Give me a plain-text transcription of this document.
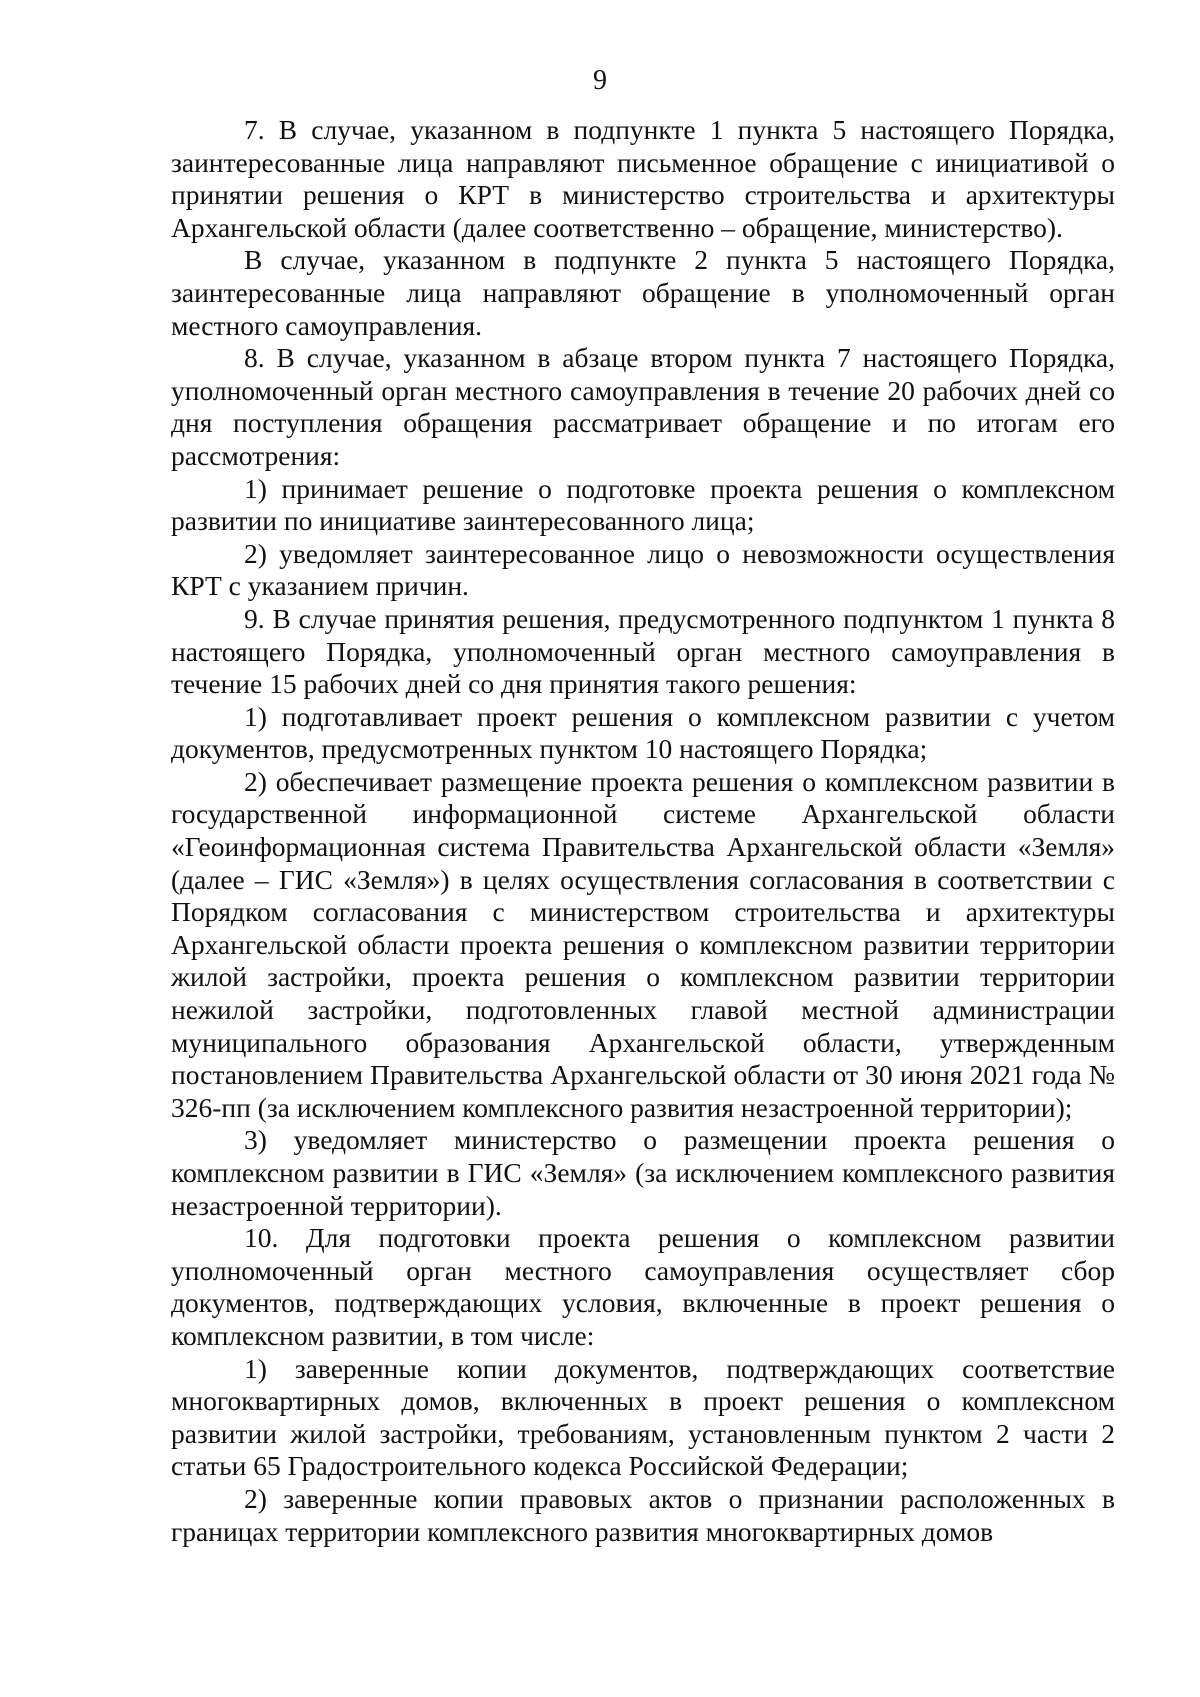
9

7. В случае, указанном в подпункте 1 пункта 5 настоящего Порядка, заинтересованные лица направляют письменное обращение с инициативой о принятии решения о КРТ в министерство строительства и архитектуры Архангельской области (далее соответственно – обращение, министерство).

В случае, указанном в подпункте 2 пункта 5 настоящего Порядка, заинтересованные лица направляют обращение в уполномоченный орган местного самоуправления.

8. В случае, указанном в абзаце втором пункта 7 настоящего Порядка, уполномоченный орган местного самоуправления в течение 20 рабочих дней со дня поступления обращения рассматривает обращение и по итогам его рассмотрения:

1) принимает решение о подготовке проекта решения о комплексном развитии по инициативе заинтересованного лица;

2) уведомляет заинтересованное лицо о невозможности осуществления КРТ с указанием причин.

9. В случае принятия решения, предусмотренного подпунктом 1 пункта 8 настоящего Порядка, уполномоченный орган местного самоуправления в течение 15 рабочих дней со дня принятия такого решения:

1) подготавливает проект решения о комплексном развитии с учетом документов, предусмотренных пунктом 10 настоящего Порядка;

2) обеспечивает размещение проекта решения о комплексном развитии в государственной информационной системе Архангельской области «Геоинформационная система Правительства Архангельской области «Земля» (далее – ГИС «Земля») в целях осуществления согласования в соответствии с Порядком согласования с министерством строительства и архитектуры Архангельской области проекта решения о комплексном развитии территории жилой застройки, проекта решения о комплексном развитии территории нежилой застройки, подготовленных главой местной администрации муниципального образования Архангельской области, утвержденным постановлением Правительства Архангельской области от 30 июня 2021 года № 326-пп (за исключением комплексного развития незастроенной территории);

3) уведомляет министерство о размещении проекта решения о комплексном развитии в ГИС «Земля» (за исключением комплексного развития незастроенной территории).

10. Для подготовки проекта решения о комплексном развитии уполномоченный орган местного самоуправления осуществляет сбор документов, подтверждающих условия, включенные в проект решения о комплексном развитии, в том числе:

1) заверенные копии документов, подтверждающих соответствие многоквартирных домов, включенных в проект решения о комплексном развитии жилой застройки, требованиям, установленным пунктом 2 части 2 статьи 65 Градостроительного кодекса Российской Федерации;

2) заверенные копии правовых актов о признании расположенных в границах территории комплексного развития многоквартирных домов
